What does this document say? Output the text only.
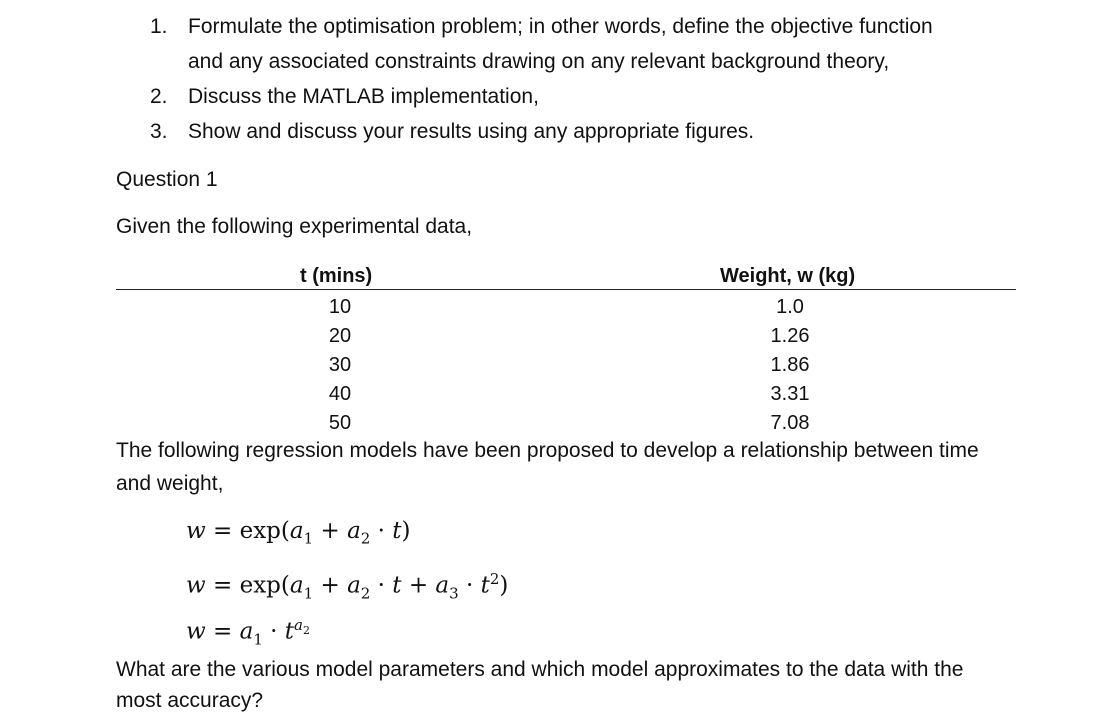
1. Formulate the optimisation problem; in other words, define the objective function
and any associated constraints drawing on any relevant background theory,
2. Discuss the MATLAB implementation,
3. Show and discuss your results using any appropriate figures.
Question 1
Given the following experimental data,
t (mins)	Weight, w (kg)
10	1.0
20	1.26
30	1.86
40	3.31
50	7.08
The following regression models have been proposed to develop a relationship between time
and weight,
$w = \exp(a_1 + a_2 \cdot t)$
$w = \exp(a_1 + a_2 \cdot t + a_3 \cdot t^2)$
$w = a_1 \cdot t^{a_2}$
What are the various model parameters and which model approximates to the data with the
most accuracy?
